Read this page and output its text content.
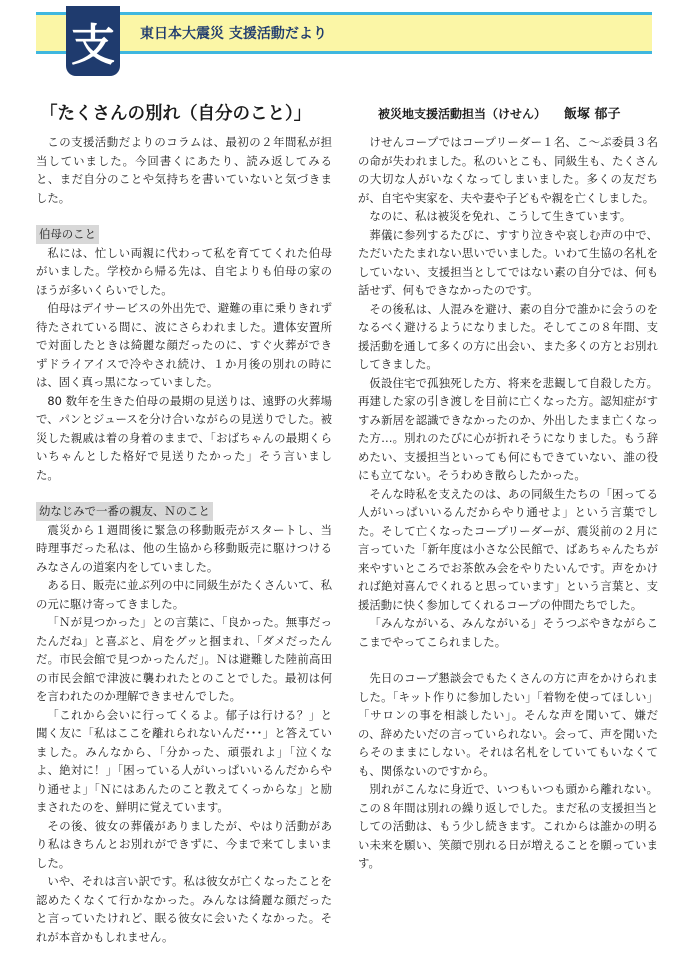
支	東日本大震災 支援活動だより
「たくさんの別れ（自分のこと）」	被災地支援活動担当（けせん） 飯塚 郁子

この支援活動だよりのコラムは、最初の２年間私が担当していました。今回書くにあたり、読み返してみると、まだ自分のことや気持ちを書いていないと気づきました。

伯母のこと

私には、忙しい両親に代わって私を育ててくれた伯母がいました。学校から帰る先は、自宅よりも伯母の家のほうが多いくらいでした。

伯母はデイサービスの外出先で、避難の車に乗りきれず待たされている間に、波にさらわれました。遺体安置所で対面したときは綺麗な顔だったのに、すぐ火葬ができずドライアイスで冷やされ続け、１か月後の別れの時には、固く真っ黒になっていました。

80 数年を生きた伯母の最期の見送りは、遠野の火葬場で、パンとジュースを分け合いながらの見送りでした。被災した親戚は着の身着のままで、「おばちゃんの最期くらいちゃんとした格好で見送りたかった」そう言いました。

幼なじみで一番の親友、Ｎのこと

震災から１週間後に緊急の移動販売がスタートし、当時理事だった私は、他の生協から移動販売に駆けつけるみなさんの道案内をしていました。

ある日、販売に並ぶ列の中に同級生がたくさんいて、私の元に駆け寄ってきました。

「Ｎが見つかった」との言葉に、「良かった。無事だったんだね」と喜ぶと、肩をグッと掴まれ、「ダメだったんだ。市民会館で見つかったんだ」。Ｎは避難した陸前高田の市民会館で津波に襲われたとのことでした。最初は何を言われたのか理解できませんでした。

「これから会いに行ってくるよ。郁子は行ける？」と聞く友に「私はここを離れられないんだ･･･」と答えていました。みんなから、「分かった、頑張れよ」「泣くなよ、絶対に！」「困っている人がいっぱいいるんだからやり通せよ」「Ｎにはあんたのこと教えてくっからな」と励まされたのを、鮮明に覚えています。

その後、彼女の葬儀がありましたが、やはり活動があり私はきちんとお別れができずに、今まで来てしまいました。

いや、それは言い訳です。私は彼女が亡くなったことを認めたくなくて行かなかった。みんなは綺麗な顔だったと言っていたけれど、眠る彼女に会いたくなかった。それが本音かもしれません。

けせんコープではコープリーダー１名、こ～ぷ委員３名の命が失われました。私のいとこも、同級生も、たくさんの大切な人がいなくなってしまいました。多くの友だちが、自宅や実家を、夫や妻や子どもや親を亡くしました。

なのに、私は被災を免れ、こうして生きています。

葬儀に参列するたびに、すすり泣きや哀しむ声の中で、ただいたたまれない思いでいました。いわて生協の名札をしていない、支援担当としてではない素の自分では、何も話せず、何もできなかったのです。

その後私は、人混みを避け、素の自分で誰かに会うのをなるべく避けるようになりました。そしてこの８年間、支援活動を通して多くの方に出会い、また多くの方とお別れしてきました。

仮設住宅で孤独死した方、将来を悲観して自殺した方。再建した家の引き渡しを目前に亡くなった方。認知症がすすみ新居を認識できなかったのか、外出したまま亡くなった方…。別れのたびに心が折れそうになりました。もう辞めたい、支援担当といっても何にもできていない、誰の役にも立てない。そうわめき散らしたかった。

そんな時私を支えたのは、あの同級生たちの「困ってる人がいっぱいいるんだからやり通せよ」という言葉でした。そして亡くなったコープリーダーが、震災前の２月に言っていた「新年度は小さな公民館で、ばあちゃんたちが来やすいところでお茶飲み会をやりたいんです。声をかければ絶対喜んでくれると思っています」という言葉と、支援活動に快く参加してくれるコープの仲間たちでした。

「みんながいる、みんながいる」そうつぶやきながらここまでやってこられました。

先日のコープ懇談会でもたくさんの方に声をかけられました。「キット作りに参加したい」「着物を使ってほしい」「サロンの事を相談したい」。そんな声を聞いて、嫌だの、辞めたいだの言っていられない。会って、声を聞いたらそのままにしない。それは名札をしていてもいなくても、関係ないのですから。

別れがこんなに身近で、いつもいつも頭から離れない。この８年間は別れの繰り返しでした。まだ私の支援担当としての活動は、もう少し続きます。これからは誰かの明るい未来を願い、笑顔で別れる日が増えることを願っています。
